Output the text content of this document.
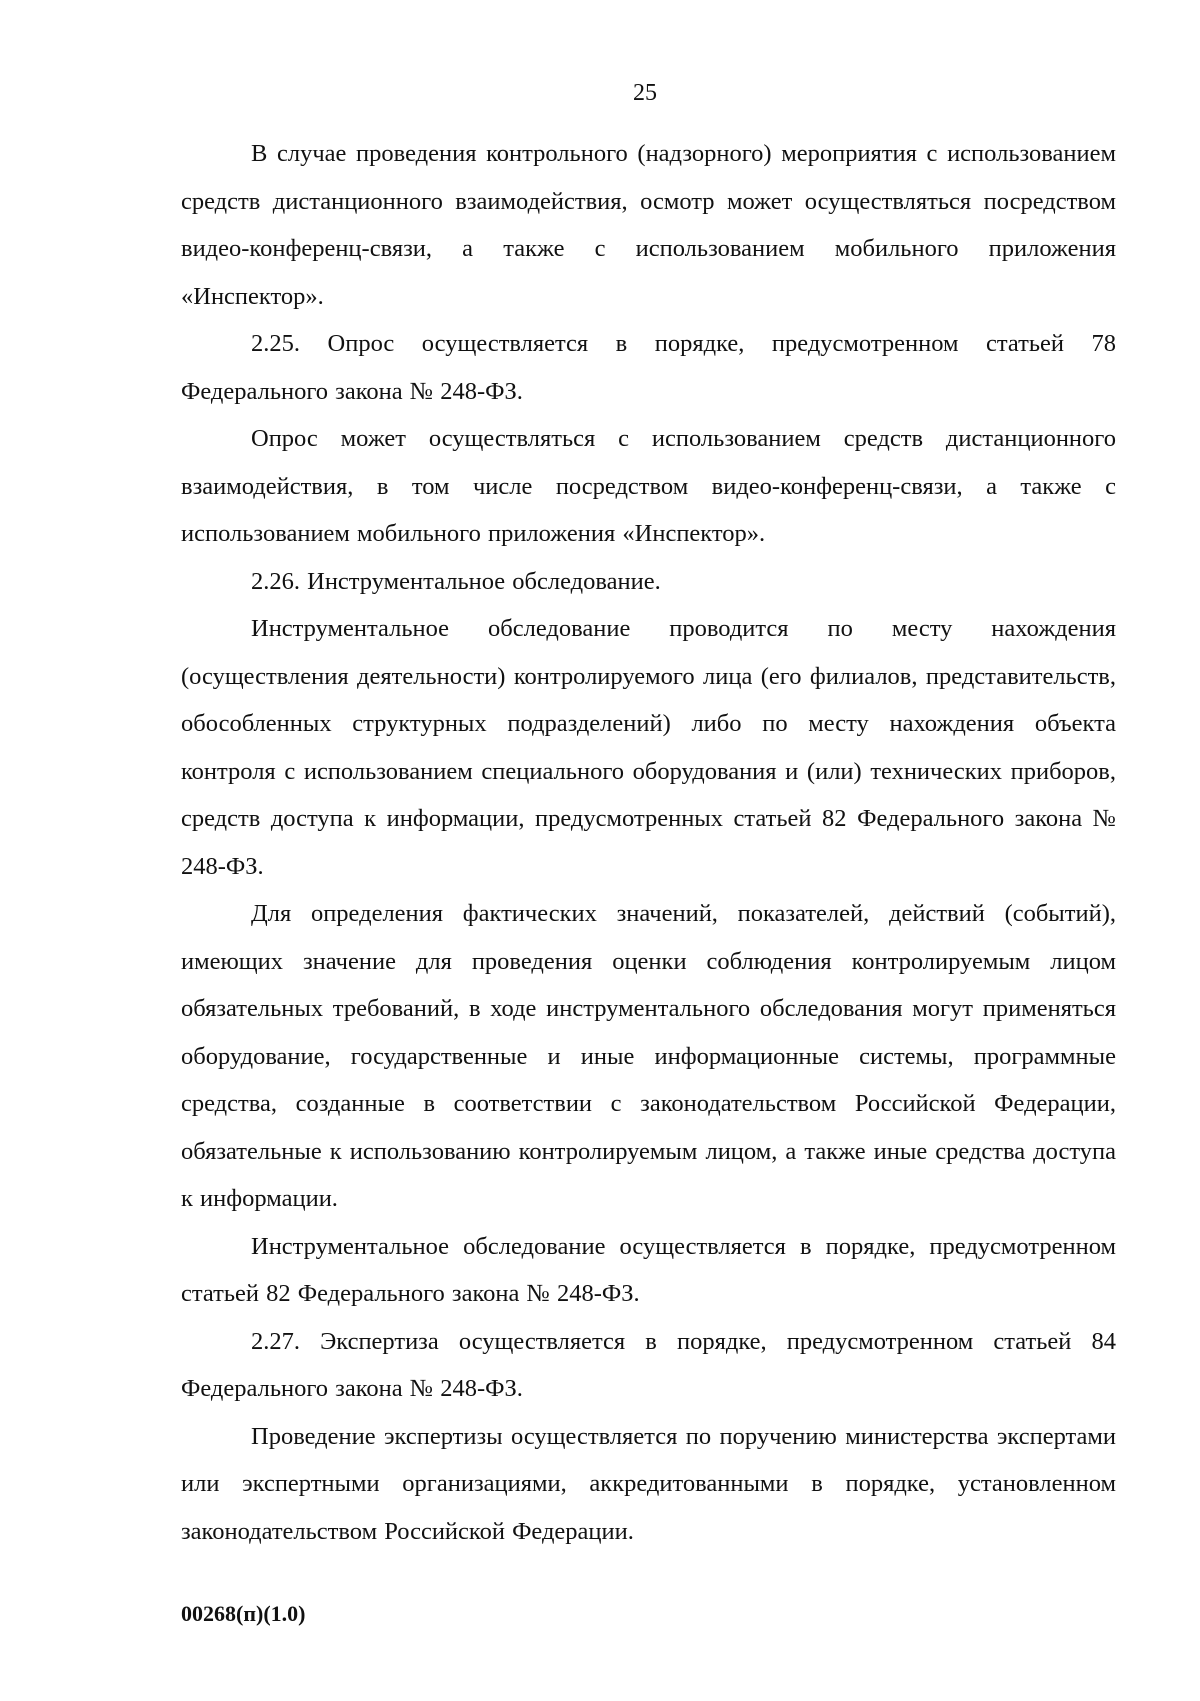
25

В случае проведения контрольного (надзорного) мероприятия с использованием средств дистанционного взаимодействия, осмотр может осуществляться посредством видео-конференц-связи, а также с использованием мобильного приложения «Инспектор».

2.25. Опрос осуществляется в порядке, предусмотренном статьей 78 Федерального закона № 248-ФЗ.

Опрос может осуществляться с использованием средств дистанционного взаимодействия, в том числе посредством видео-конференц-связи, а также с использованием мобильного приложения «Инспектор».

2.26. Инструментальное обследование.

Инструментальное обследование проводится по месту нахождения (осуществления деятельности) контролируемого лица (его филиалов, представительств, обособленных структурных подразделений) либо по месту нахождения объекта контроля с использованием специального оборудования и (или) технических приборов, средств доступа к информации, предусмотренных статьей 82 Федерального закона № 248-ФЗ.

Для определения фактических значений, показателей, действий (событий), имеющих значение для проведения оценки соблюдения контролируемым лицом обязательных требований, в ходе инструментального обследования могут применяться оборудование, государственные и иные информационные системы, программные средства, созданные в соответствии с законодательством Российской Федерации, обязательные к использованию контролируемым лицом, а также иные средства доступа к информации.

Инструментальное обследование осуществляется в порядке, предусмотренном статьей 82 Федерального закона № 248-ФЗ.

2.27. Экспертиза осуществляется в порядке, предусмотренном статьей 84 Федерального закона № 248-ФЗ.

Проведение экспертизы осуществляется по поручению министерства экспертами или экспертными организациями, аккредитованными в порядке, установленном законодательством Российской Федерации.

00268(п)(1.0)
